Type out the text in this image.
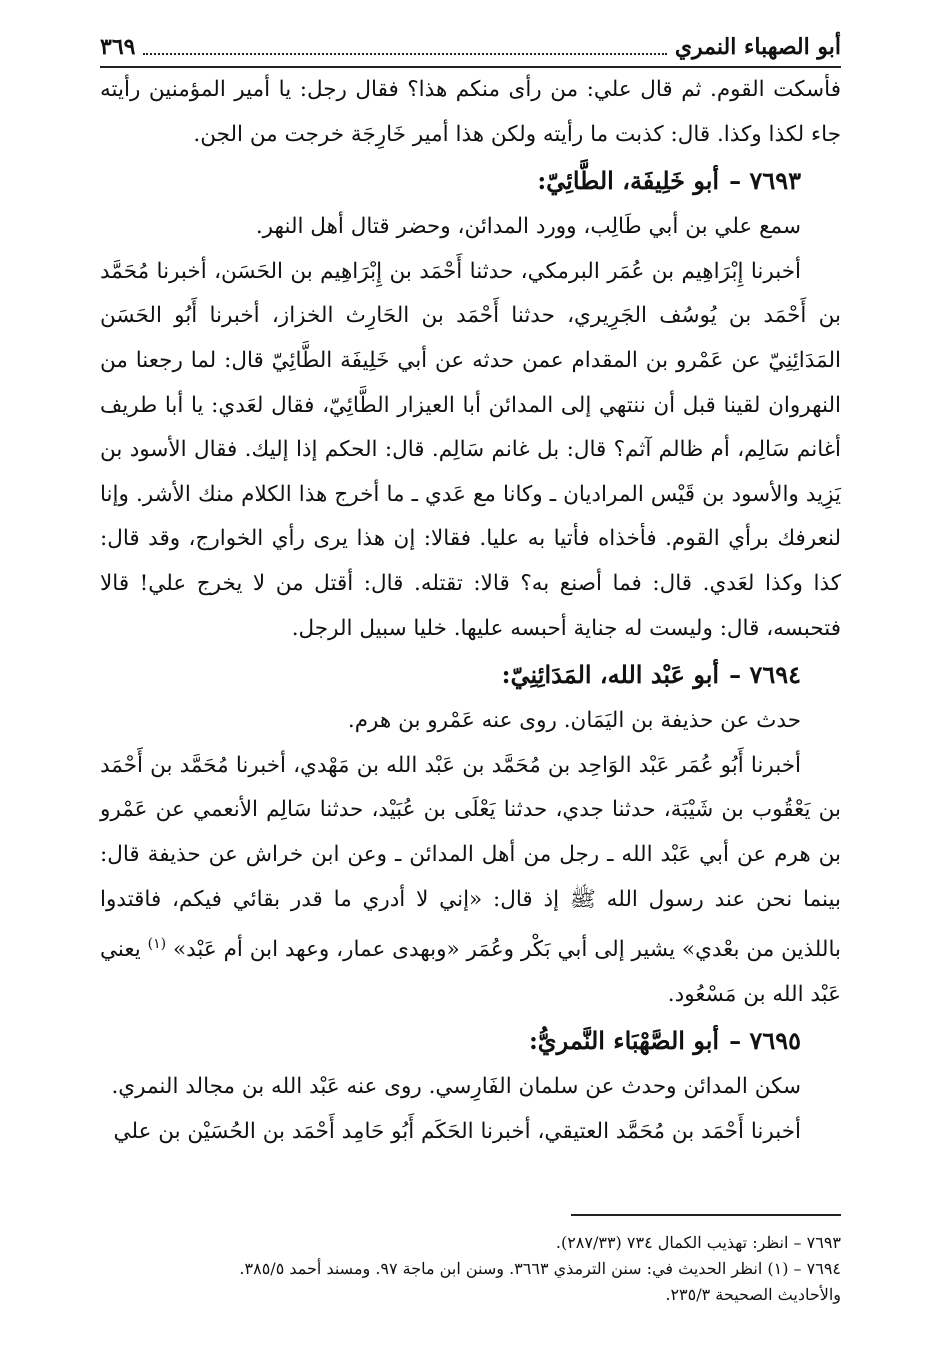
أبو الصهباء النمري
٣٦٩

فأسكت القوم. ثم قال علي: من رأى منكم هذا؟ فقال رجل: يا أمير المؤمنين رأيته جاء لكذا وكذا. قال: كذبت ما رأيته ولكن هذا أمير خَارِجَة خرجت من الجن.

٧٦٩٣ –أبو خَلِيفَة، الطَّائِيّ:

سمع علي بن أبي طَالِب، وورد المدائن، وحضر قتال أهل النهر.

أخبرنا إِبْرَاهِيم بن عُمَر البرمكي، حدثنا أَحْمَد بن إِبْرَاهِيم بن الحَسَن، أخبرنا مُحَمَّد بن أَحْمَد بن يُوسُف الجَرِيري، حدثنا أَحْمَد بن الحَارِث الخزاز، أخبرنا أَبُو الحَسَن المَدَائِنِيّ عن عَمْرو بن المقدام عمن حدثه عن أبي خَلِيفَة الطَّائِيّ قال: لما رجعنا من النهروان لقينا قبل أن ننتهي إلى المدائن أبا العيزار الطَّائِيّ، فقال لعَدي: يا أبا طريف أغانم سَالِم، أم ظالم آثم؟ قال: بل غانم سَالِم. قال: الحكم إذا إليك. فقال الأسود بن يَزِيد والأسود بن قَيْس المراديان ـ وكانا مع عَدي ـ ما أخرج هذا الكلام منك الأشر. وإنا لنعرفك برأي القوم. فأخذاه فأتيا به عليا. فقالا: إن هذا يرى رأي الخوارج، وقد قال: كذا وكذا لعَدي. قال: فما أصنع به؟ قالا: تقتله. قال: أقتل من لا يخرج علي! قالا فتحبسه، قال: وليست له جناية أحبسه عليها. خليا سبيل الرجل.

٧٦٩٤ –أبو عَبْد الله، المَدَائِنِيّ:

حدث عن حذيفة بن اليَمَان. روى عنه عَمْرو بن هرم.

أخبرنا أَبُو عُمَر عَبْد الوَاحِد بن مُحَمَّد بن عَبْد الله بن مَهْدي، أخبرنا مُحَمَّد بن أَحْمَد بن يَعْقُوب بن شَيْبَة، حدثنا جدي، حدثنا يَعْلَى بن عُبَيْد، حدثنا سَالِم الأنعمي عن عَمْرو بن هرم عن أبي عَبْد الله ـ رجل من أهل المدائن ـ وعن ابن خراش عن حذيفة قال: بينما نحن عند رسول الله ﷺ إذ قال: «إني لا أدري ما قدر بقائي فيكم، فاقتدوا باللذين من بعْدي» يشير إلى أبي بَكْر وعُمَر «وبهدى عمار، وعهد ابن أم عَبْد» $^{(١)}$ يعني عَبْد الله بن مَسْعُود.

٧٦٩٥ –أبو الصَّهْبَاء النَّمريُّ:

سكن المدائن وحدث عن سلمان الفَارِسي. روى عنه عَبْد الله بن مجالد النمري.

أخبرنا أَحْمَد بن مُحَمَّد العتيقي، أخبرنا الحَكَم أَبُو حَامِد أَحْمَد بن الحُسَيْن بن علي

٧٦٩٣ – انظر: تهذيب الكمال ٧٣٤ (٢٨٧/٣٣).

٧٦٩٤ – (١) انظر الحديث في: سنن الترمذي ٣٦٦٣. وسنن ابن ماجة ٩٧. ومسند أحمد ٣٨٥/٥.

والأحاديث الصحيحة ٢٣٥/٣.
